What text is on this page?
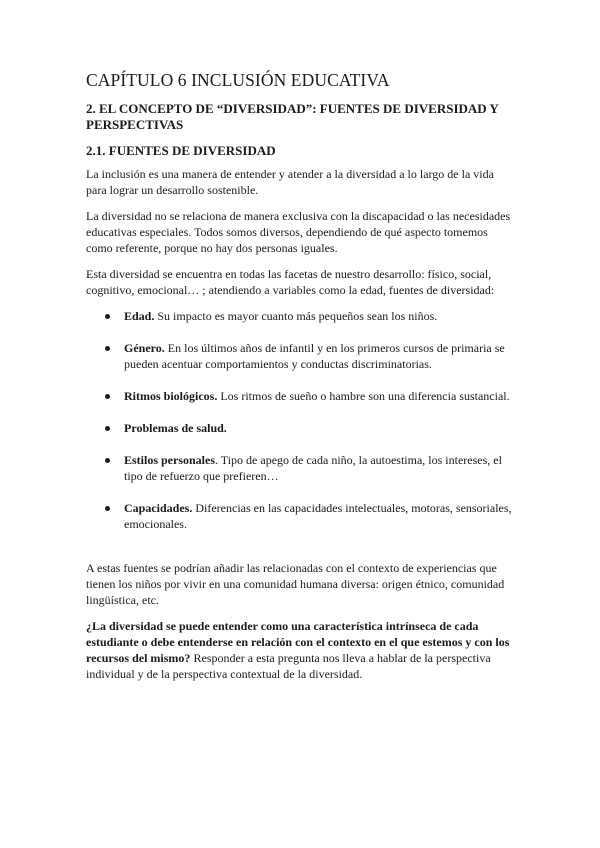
CAPÍTULO 6 INCLUSIÓN EDUCATIVA
2. EL CONCEPTO DE “DIVERSIDAD”: FUENTES DE DIVERSIDAD Y PERSPECTIVAS
2.1. FUENTES DE DIVERSIDAD

La inclusión es una manera de entender y atender a la diversidad a lo largo de la vida para lograr un desarrollo sostenible.

La diversidad no se relaciona de manera exclusiva con la discapacidad o las necesidades educativas especiales. Todos somos diversos, dependiendo de qué aspecto tomemos como referente, porque no hay dos personas iguales.

Esta diversidad se encuentra en todas las facetas de nuestro desarrollo: físico, social, cognitivo, emocional… ; atendiendo a variables como la edad, fuentes de diversidad:

Edad. Su impacto es mayor cuanto más pequeños sean los niños.
Género. En los últimos años de infantil y en los primeros cursos de primaria se pueden acentuar comportamientos y conductas discriminatorias.
Ritmos biológicos. Los ritmos de sueño o hambre son una diferencia sustancial.
Problemas de salud.
Estilos personales. Tipo de apego de cada niño, la autoestima, los intereses, el tipo de refuerzo que prefieren…
Capacidades. Diferencias en las capacidades intelectuales, motoras, sensoriales, emocionales.

A estas fuentes se podrían añadir las relacionadas con el contexto de experiencias que tienen los niños por vivir en una comunidad humana diversa: origen étnico, comunidad lingüística, etc.

¿La diversidad se puede entender como una característica intrínseca de cada estudiante o debe entenderse en relación con el contexto en el que estemos y con los recursos del mismo? Responder a esta pregunta nos lleva a hablar de la perspectiva individual y de la perspectiva contextual de la diversidad.
